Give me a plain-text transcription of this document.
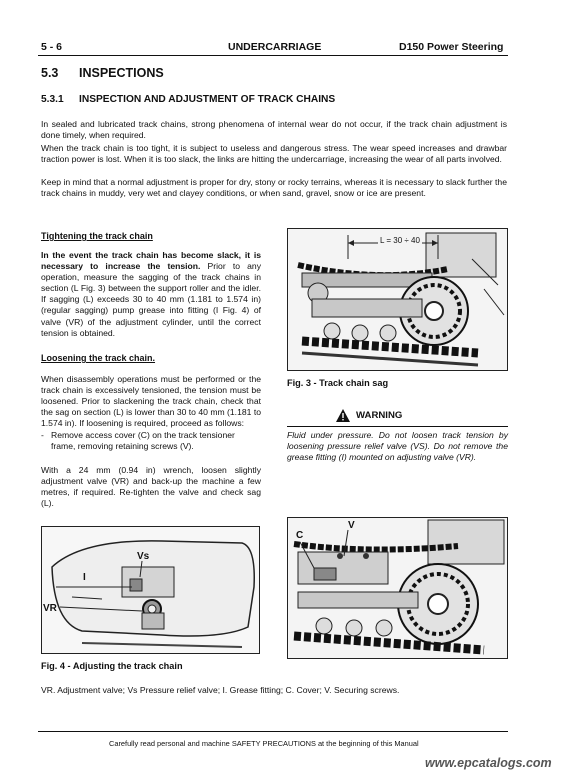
5 - 6	UNDERCARRIAGE	D150 Power Steering
5.3 INSPECTIONS
5.3.1 INSPECTION AND ADJUSTMENT OF TRACK CHAINS
In sealed and lubricated track chains, strong phenomena of internal wear do not occur, if the track chain adjustment is done timely, when required.
When the track chain is too tight, it is subject to useless and dangerous stress. The wear speed increases and drawbar traction power is lost. When it is too slack, the links are hitting the undercarriage, increasing the wear of all parts involved.
Keep in mind that a normal adjustment is proper for dry, stony or rocky terrains, whereas it is necessary to slack further the track chains in muddy, very wet and clayey conditions, or when sand, gravel, snow or ice are present.
Tightening the track chain
In the event the track chain has become slack, it is necessary to increase the tension. Prior to any operation, measure the sagging of the track chains in section (L Fig. 3) between the support roller and the idler. If sagging (L) exceeds 30 to 40 mm (1.181 to 1.574 in) (regular sagging) pump grease into fitting (I Fig. 4) of valve (VR) of the adjustment cylinder, until the correct tension is obtained.
Loosening the track chain.
When disassembly operations must be performed or the track chain is excessively tensioned, the tension must be loosened. Prior to slackening the track chain, check that the sag on section (L) is lower than 30 to 40 mm (1.181 to 1.574 in). If loosening is required, proceed as follows:
- Remove access cover (C) on the track tensioner frame, removing retaining screws (V).
With a 24 mm (0.94 in) wrench, loosen slightly adjustment valve (VR) and back-up the machine a few metres, if required. Re-tighten the valve and check sag (L).
L = 30 ÷ 40
Fig. 3 - Track chain sag
WARNING
Fluid under pressure. Do not loosen track tension by loosening pressure relief valve (VS). Do not remove the grease fitting (I) mounted on adjusting valve (VR).
Vs
I
VR
Fig. 4 - Adjusting the track chain
C
V
VR. Adjustment valve; Vs Pressure relief valve; I. Grease fitting; C. Cover; V. Securing screws.
Carefully read personal and machine SAFETY PRECAUTIONS at the beginning of this Manual
www.epcatalogs.com
